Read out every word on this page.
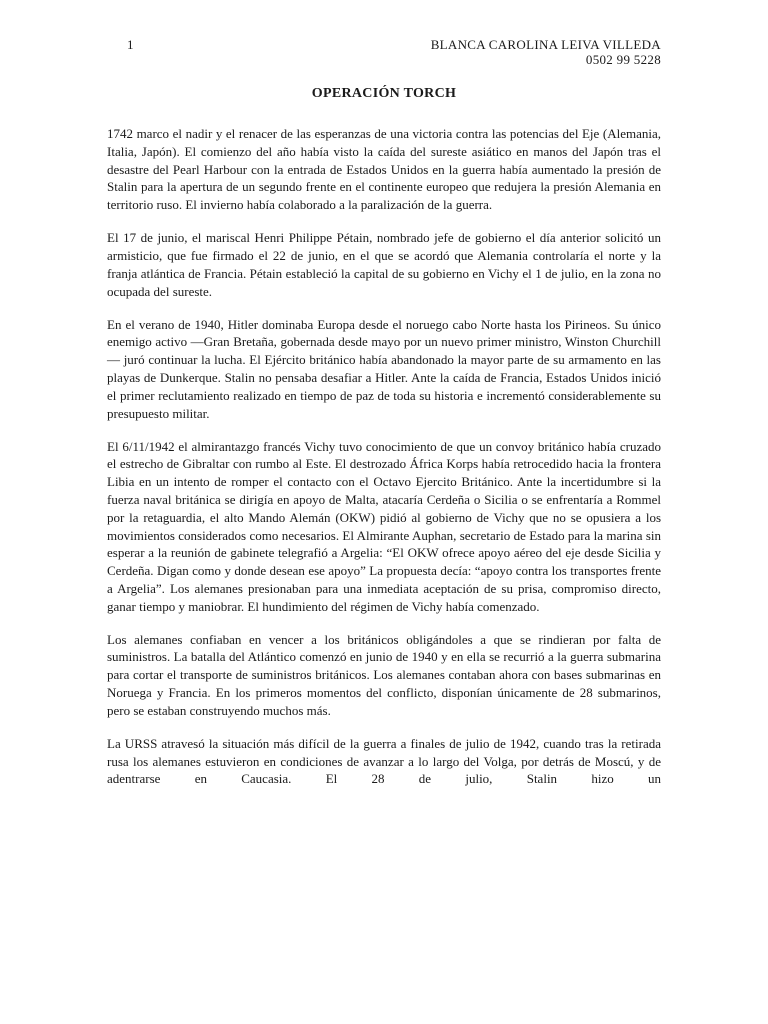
1	BLANCA CAROLINA LEIVA VILLEDA
0502 99 5228
OPERACIÓN TORCH

1742 marco el nadir y el renacer de las esperanzas de una victoria contra las potencias del Eje (Alemania, Italia, Japón). El comienzo del año había visto la caída del sureste asiático en manos del Japón tras el desastre del Pearl Harbour con la entrada de Estados Unidos en la guerra había aumentado la presión de Stalin para la apertura de un segundo frente en el continente europeo que redujera la presión Alemania en territorio ruso. El invierno había colaborado a la paralización de la guerra.

El 17 de junio, el mariscal Henri Philippe Pétain, nombrado jefe de gobierno el día anterior solicitó un armisticio, que fue firmado el 22 de junio, en el que se acordó que Alemania controlaría el norte y la franja atlántica de Francia. Pétain estableció la capital de su gobierno en Vichy el 1 de julio, en la zona no ocupada del sureste.

En el verano de 1940, Hitler dominaba Europa desde el noruego cabo Norte hasta los Pirineos. Su único enemigo activo —Gran Bretaña, gobernada desde mayo por un nuevo primer ministro, Winston Churchill— juró continuar la lucha. El Ejército británico había abandonado la mayor parte de su armamento en las playas de Dunkerque. Stalin no pensaba desafiar a Hitler. Ante la caída de Francia, Estados Unidos inició el primer reclutamiento realizado en tiempo de paz de toda su historia e incrementó considerablemente su presupuesto militar.

El 6/11/1942 el almirantazgo francés Vichy tuvo conocimiento de que un convoy británico había cruzado el estrecho de Gibraltar con rumbo al Este. El destrozado África Korps había retrocedido hacia la frontera Libia en un intento de romper el contacto con el Octavo Ejercito Británico. Ante la incertidumbre si la fuerza naval británica se dirigía en apoyo de Malta, atacaría Cerdeña o Sicilia o se enfrentaría a Rommel por la retaguardia, el alto Mando Alemán (OKW) pidió al gobierno de Vichy que no se opusiera a los movimientos considerados como necesarios. El Almirante Auphan, secretario de Estado para la marina sin esperar a la reunión de gabinete telegrafió a Argelia: “El OKW ofrece apoyo aéreo del eje desde Sicilia y Cerdeña. Digan como y donde desean ese apoyo” La propuesta decía: “apoyo contra los transportes frente a Argelia”. Los alemanes presionaban para una inmediata aceptación de su prisa, compromiso directo, ganar tiempo y maniobrar. El hundimiento del régimen de Vichy había comenzado.

Los alemanes confiaban en vencer a los británicos obligándoles a que se rindieran por falta de suministros. La batalla del Atlántico comenzó en junio de 1940 y en ella se recurrió a la guerra submarina para cortar el transporte de suministros británicos. Los alemanes contaban ahora con bases submarinas en Noruega y Francia. En los primeros momentos del conflicto, disponían únicamente de 28 submarinos, pero se estaban construyendo muchos más.

La URSS atravesó la situación más difícil de la guerra a finales de julio de 1942, cuando tras la retirada rusa los alemanes estuvieron en condiciones de avanzar a lo largo del Volga, por detrás de Moscú, y de adentrarse en Caucasia. El 28 de julio, Stalin hizo un
